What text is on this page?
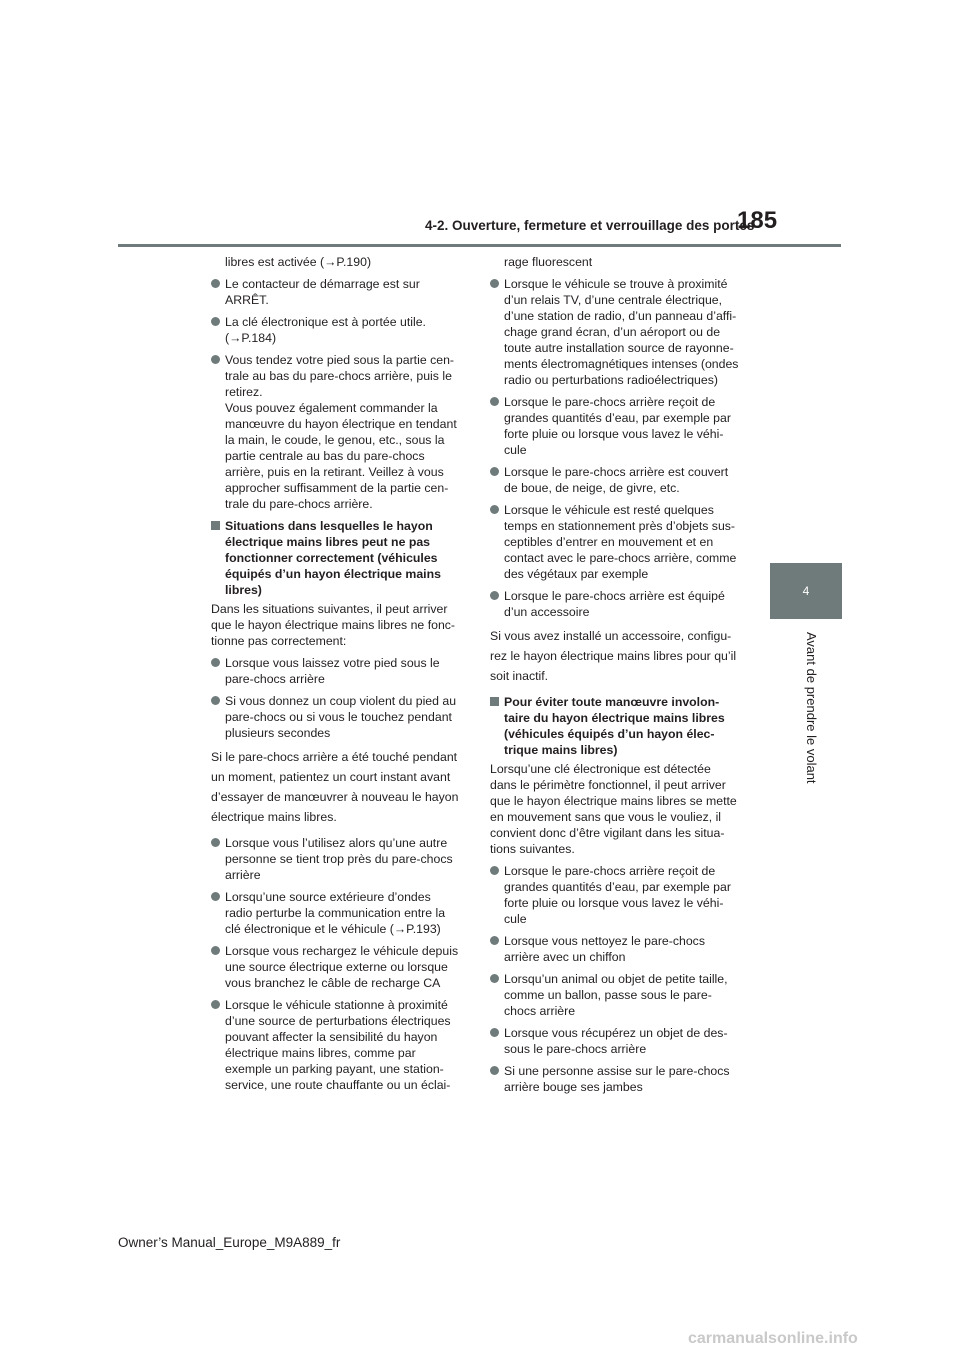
4-2. Ouverture, fermeture et verrouillage des portes
185
4
Avant de prendre le volant

libres est activée (→P.190)

Le contacteur de démarrage est sur
ARRÊT.
La clé électronique est à portée utile.
(→P.184)
Vous tendez votre pied sous la partie cen-
trale au bas du pare-chocs arrière, puis le
retirez.
Vous pouvez également commander la
manœuvre du hayon électrique en tendant
la main, le coude, le genou, etc., sous la
partie centrale au bas du pare-chocs
arrière, puis en la retirant. Veillez à vous
approcher suffisamment de la partie cen-
trale du pare-chocs arrière.
Situations dans lesquelles le hayon
électrique mains libres peut ne pas
fonctionner correctement (véhicules
équipés d’un hayon électrique mains
libres)

Dans les situations suivantes, il peut arriver
que le hayon électrique mains libres ne fonc-
tionne pas correctement:

Lorsque vous laissez votre pied sous le
pare-chocs arrière
Si vous donnez un coup violent du pied au
pare-chocs ou si vous le touchez pendant
plusieurs secondes

Si le pare-chocs arrière a été touché pendant
un moment, patientez un court instant avant
d’essayer de manœuvrer à nouveau le hayon
électrique mains libres.

Lorsque vous l’utilisez alors qu’une autre
personne se tient trop près du pare-chocs
arrière
Lorsqu’une source extérieure d’ondes
radio perturbe la communication entre la
clé électronique et le véhicule (→P.193)
Lorsque vous rechargez le véhicule depuis
une source électrique externe ou lorsque
vous branchez le câble de recharge CA
Lorsque le véhicule stationne à proximité
d’une source de perturbations électriques
pouvant affecter la sensibilité du hayon
électrique mains libres, comme par
exemple un parking payant, une station-
service, une route chauffante ou un éclai-

rage fluorescent

Lorsque le véhicule se trouve à proximité
d’un relais TV, d’une centrale électrique,
d’une station de radio, d’un panneau d’affi-
chage grand écran, d’un aéroport ou de
toute autre installation source de rayonne-
ments électromagnétiques intenses (ondes
radio ou perturbations radioélectriques)
Lorsque le pare-chocs arrière reçoit de
grandes quantités d’eau, par exemple par
forte pluie ou lorsque vous lavez le véhi-
cule
Lorsque le pare-chocs arrière est couvert
de boue, de neige, de givre, etc.
Lorsque le véhicule est resté quelques
temps en stationnement près d’objets sus-
ceptibles d’entrer en mouvement et en
contact avec le pare-chocs arrière, comme
des végétaux par exemple
Lorsque le pare-chocs arrière est équipé
d’un accessoire

Si vous avez installé un accessoire, configu-
rez le hayon électrique mains libres pour qu’il
soit inactif.

Pour éviter toute manœuvre involon-
taire du hayon électrique mains libres
(véhicules équipés d’un hayon élec-
trique mains libres)

Lorsqu’une clé électronique est détectée
dans le périmètre fonctionnel, il peut arriver
que le hayon électrique mains libres se mette
en mouvement sans que vous le vouliez, il
convient donc d’être vigilant dans les situa-
tions suivantes.

Lorsque le pare-chocs arrière reçoit de
grandes quantités d’eau, par exemple par
forte pluie ou lorsque vous lavez le véhi-
cule
Lorsque vous nettoyez le pare-chocs
arrière avec un chiffon
Lorsqu’un animal ou objet de petite taille,
comme un ballon, passe sous le pare-
chocs arrière
Lorsque vous récupérez un objet de des-
sous le pare-chocs arrière
Si une personne assise sur le pare-chocs
arrière bouge ses jambes
Owner’s Manual_Europe_M9A889_fr
carmanualsonline.info
